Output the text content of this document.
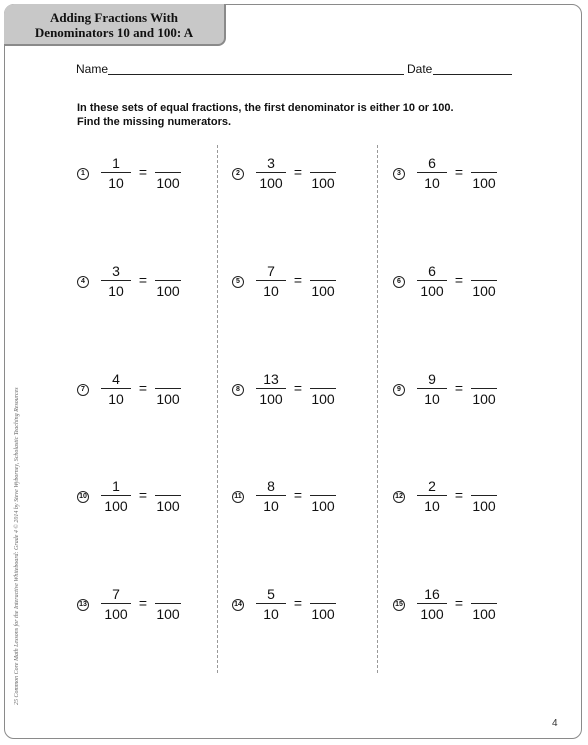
Adding Fractions With
Denominators 10 and 100: A
Name	Date
In these sets of equal fractions, the first denominator is either 10 or 100.
Find the missing numerators.
1
1
10
=
100
2
3
100
=
100
3
6
10
=
100
4
3
10
=
100
5
7
10
=
100
6
6
100
=
100
7
4
10
=
100
8
13
100
=
100
9
9
10
=
100
10
1
100
=
100
11
8
10
=
100
12
2
10
=
100
13
7
100
=
100
14
5
10
=
100
15
16
100
=
100
25 Common Core Math Lessons for the Interactive Whiteboard: Grade 4 © 2014 by Steve Wyborney, Scholastic Teaching Resources
4
